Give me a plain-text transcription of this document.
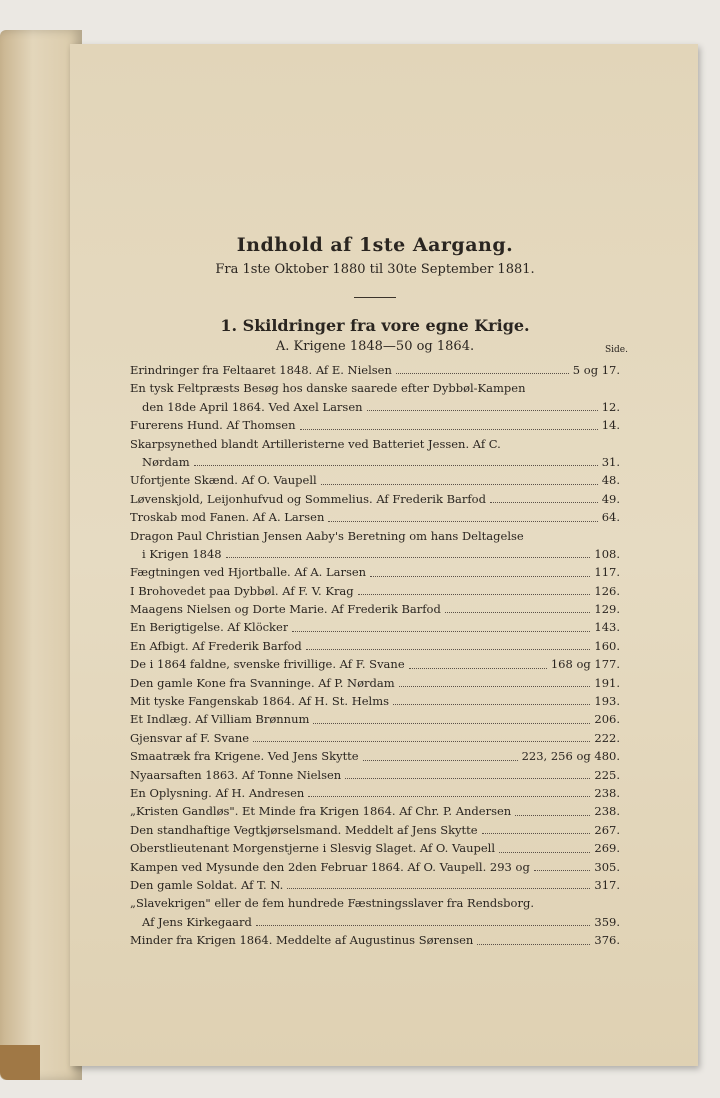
Indhold af 1ste Aargang.

Fra 1ste Oktober 1880 til 30te September 1881.

1. Skildringer fra vore egne Krige.
A. Krigene 1848—50 og 1864.	Side.
Erindringer fra Feltaaret 1848. Af E. Nielsen	5 og 17.
En tysk Feltpræsts Besøg hos danske saarede efter Dybbøl-Kampen
den 18de April 1864. Ved Axel Larsen	12.
Furerens Hund. Af Thomsen	14.
Skarpsynethed blandt Artilleristerne ved Batteriet Jessen. Af C.
Nørdam	31.
Ufortjente Skænd. Af O. Vaupell	48.
Løvenskjold, Leijonhufvud og Sommelius. Af Frederik Barfod	49.
Troskab mod Fanen. Af A. Larsen	64.
Dragon Paul Christian Jensen Aaby's Beretning om hans Deltagelse
i Krigen 1848	108.
Fægtningen ved Hjortballe. Af A. Larsen	117.
I Brohovedet paa Dybbøl. Af F. V. Krag	126.
Maagens Nielsen og Dorte Marie. Af Frederik Barfod	129.
En Berigtigelse. Af Klöcker	143.
En Afbigt. Af Frederik Barfod	160.
De i 1864 faldne, svenske frivillige. Af F. Svane	168 og 177.
Den gamle Kone fra Svanninge. Af P. Nørdam	191.
Mit tyske Fangenskab 1864. Af H. St. Helms	193.
Et Indlæg. Af Villiam Brønnum	206.
Gjensvar af F. Svane	222.
Smaatræk fra Krigene. Ved Jens Skytte	223, 256 og 480.
Nyaarsaften 1863. Af Tonne Nielsen	225.
En Oplysning. Af H. Andresen	238.
„Kristen Gandløs". Et Minde fra Krigen 1864. Af Chr. P. Andersen	238.
Den standhaftige Vegtkjørselsmand. Meddelt af Jens Skytte	267.
Oberstlieutenant Morgenstjerne i Slesvig Slaget. Af O. Vaupell	269.
Kampen ved Mysunde den 2den Februar 1864. Af O. Vaupell. 293 og	305.
Den gamle Soldat. Af T. N.	317.
„Slavekrigen" eller de fem hundrede Fæstningsslaver fra Rendsborg.
Af Jens Kirkegaard	359.
Minder fra Krigen 1864. Meddelte af Augustinus Sørensen	376.
